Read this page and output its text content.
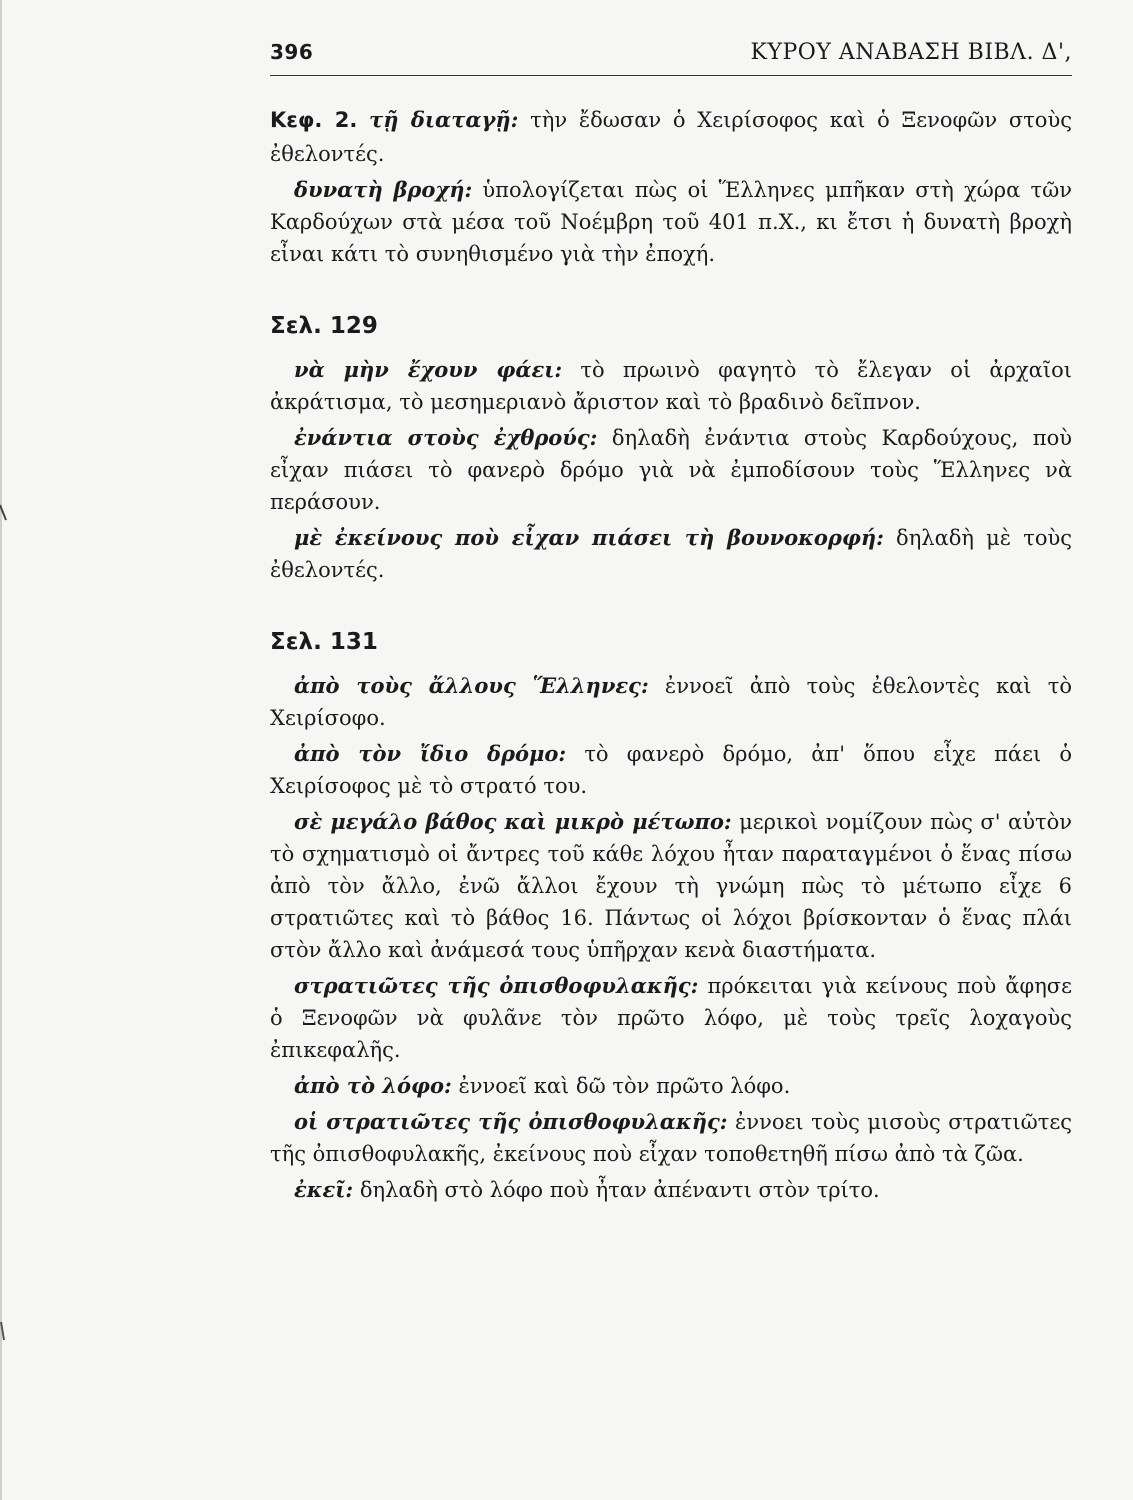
396	ΚΥΡΟΥ ΑΝΑΒΑΣΗ ΒΙΒΛ. Δ',

Κεφ. 2. τῇ διαταγῇ: τὴν ἔδωσαν ὁ Χειρίσοφος καὶ ὁ Ξενοφῶν στοὺς ἐθελοντές.

δυνατὴ βροχή: ὑπολογίζεται πὼς οἱ Ἕλληνες μπῆκαν στὴ χώρα τῶν Καρδούχων στὰ μέσα τοῦ Νοέμβρη τοῦ 401 π.Χ., κι ἔτσι ἡ δυνατὴ βροχὴ εἶναι κάτι τὸ συνηθισμένο γιὰ τὴν ἐποχή.

Σελ. 129

νὰ μὴν ἔχουν φάει: τὸ πρωινὸ φαγητὸ τὸ ἔλεγαν οἱ ἀρχαῖοι ἀκράτισμα, τὸ μεσημεριανὸ ἄριστον καὶ τὸ βραδινὸ δεῖπνον.

ἐνάντια στοὺς ἐχθρούς: δηλαδὴ ἐνάντια στοὺς Καρδούχους, ποὺ εἶχαν πιάσει τὸ φανερὸ δρόμο γιὰ νὰ ἐμποδίσουν τοὺς Ἕλληνες νὰ περάσουν.

μὲ ἐκείνους ποὺ εἶχαν πιάσει τὴ βουνοκορφή: δηλαδὴ μὲ τοὺς ἐθελοντές.

Σελ. 131

ἀπὸ τοὺς ἄλλους Ἕλληνες: ἐννοεῖ ἀπὸ τοὺς ἐθελοντὲς καὶ τὸ Χειρίσοφο.

ἀπὸ τὸν ἴδιο δρόμο: τὸ φανερὸ δρόμο, ἀπ' ὅπου εἶχε πάει ὁ Χειρίσοφος μὲ τὸ στρατό του.

σὲ μεγάλο βάθος καὶ μικρὸ μέτωπο: μερικοὶ νομίζουν πὼς σ' αὐτὸν τὸ σχηματισμὸ οἱ ἄντρες τοῦ κάθε λόχου ἦταν παραταγμένοι ὁ ἕνας πίσω ἀπὸ τὸν ἄλλο, ἐνῶ ἄλλοι ἔχουν τὴ γνώμη πὼς τὸ μέτωπο εἶχε 6 στρατιῶτες καὶ τὸ βάθος 16. Πάντως οἱ λόχοι βρίσκονταν ὁ ἕνας πλάι στὸν ἄλλο καὶ ἀνάμεσά τους ὑπῆρχαν κενὰ διαστήματα.

στρατιῶτες τῆς ὀπισθοφυλακῆς: πρόκειται γιὰ κείνους ποὺ ἄφησε ὁ Ξενοφῶν νὰ φυλᾶνε τὸν πρῶτο λόφο, μὲ τοὺς τρεῖς λοχαγοὺς ἐπικεφαλῆς.

ἀπὸ τὸ λόφο: ἐννοεῖ καὶ δῶ τὸν πρῶτο λόφο.

οἱ στρατιῶτες τῆς ὀπισθοφυλακῆς: ἐννοει τοὺς μισοὺς στρατιῶτες τῆς ὀπισθοφυλακῆς, ἐκείνους ποὺ εἶχαν τοποθετηθῆ πίσω ἀπὸ τὰ ζῶα.

ἐκεῖ: δηλαδὴ στὸ λόφο ποὺ ἦταν ἀπέναντι στὸν τρίτο.
